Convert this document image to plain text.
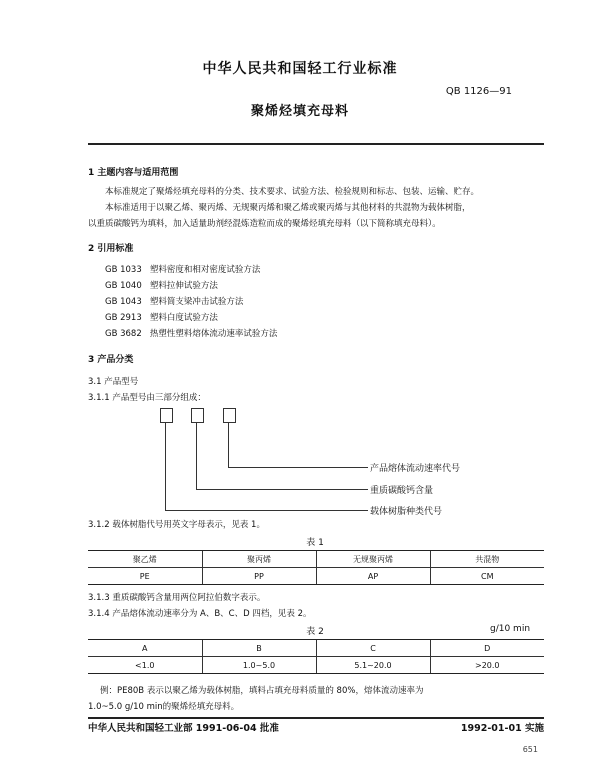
中华人民共和国轻工行业标准
QB 1126—91
聚烯烃填充母料
1 主题内容与适用范围
本标准规定了聚烯烃填充母料的分类、技术要求、试验方法、检验规则和标志、包装、运输、贮存。
本标准适用于以聚乙烯、聚丙烯、无规聚丙烯和聚乙烯或聚丙烯与其他材料的共混物为载体树脂，
以重质碳酸钙为填料，加入适量助剂经混炼造粒而成的聚烯烃填充母料（以下简称填充母料）。
2 引用标准
GB 1033 塑料密度和相对密度试验方法
GB 1040 塑料拉伸试验方法
GB 1043 塑料简支梁冲击试验方法
GB 2913 塑料白度试验方法
GB 3682 热塑性塑料熔体流动速率试验方法
3 产品分类
3.1 产品型号
3.1.1 产品型号由三部分组成：
产品熔体流动速率代号
重质碳酸钙含量
载体树脂种类代号
3.1.2 载体树脂代号用英文字母表示，见表 1。
表 1
聚乙烯	聚丙烯	无规聚丙烯	共混物
PE	PP	AP	CM
3.1.3 重质碳酸钙含量用两位阿拉伯数字表示。
3.1.4 产品熔体流动速率分为 A、B、C、D 四档，见表 2。
表 2	g/10 min
A	B	C	D
<1.0	1.0~5.0	5.1~20.0	>20.0
例：PE80B 表示以聚乙烯为载体树脂，填料占填充母料质量的 80%，熔体流动速率为
1.0~5.0 g/10 min的聚烯烃填充母料。
中华人民共和国轻工业部 1991-06-04 批准	1992-01-01 实施
651
